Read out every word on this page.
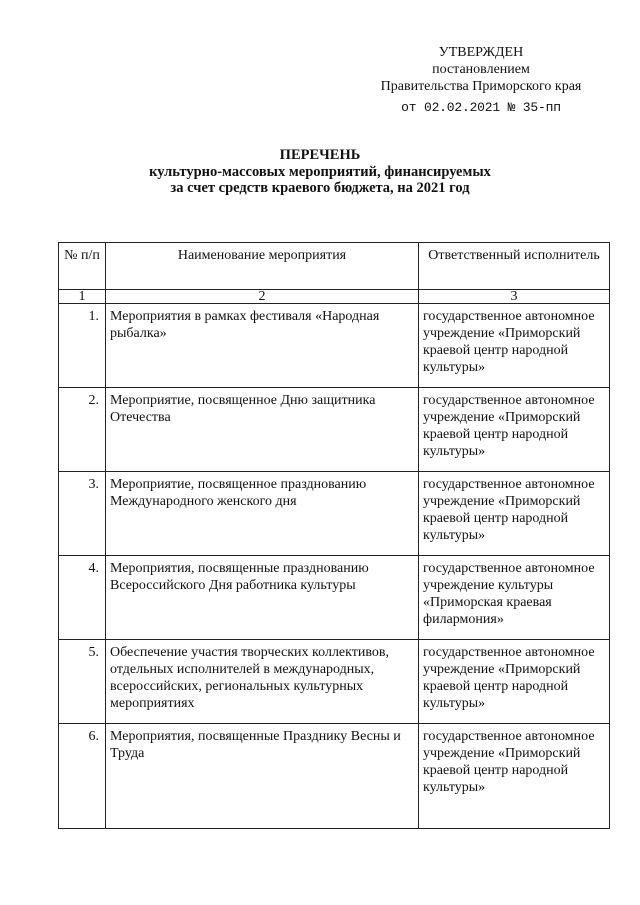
УТВЕРЖДЕН
постановлением
Правительства Приморского края
от 02.02.2021 № 35-пп
ПЕРЕЧЕНЬ
культурно-массовых мероприятий, финансируемых
за счет средств краевого бюджета, на 2021 год
№ п/п	Наименование мероприятия	Ответственный исполнитель
1	2	3
1.	Мероприятия в рамках фестиваля «Народная рыбалка»	государственное автономное учреждение «Приморский краевой центр народной культуры»
2.	Мероприятие, посвященное Дню защитника Отечества	государственное автономное учреждение «Приморский краевой центр народной культуры»
3.	Мероприятие, посвященное празднованию Международного женского дня	государственное автономное учреждение «Приморский краевой центр народной культуры»
4.	Мероприятия, посвященные празднованию Всероссийского Дня работника культуры	государственное автономное учреждение культуры «Приморская краевая филармония»
5.	Обеспечение участия творческих коллективов, отдельных исполнителей в международных, всероссийских, региональных культурных мероприятиях	государственное автономное учреждение «Приморский краевой центр народной культуры»
6.	Мероприятия, посвященные Празднику Весны и Труда	государственное автономное учреждение «Приморский краевой центр народной культуры»
